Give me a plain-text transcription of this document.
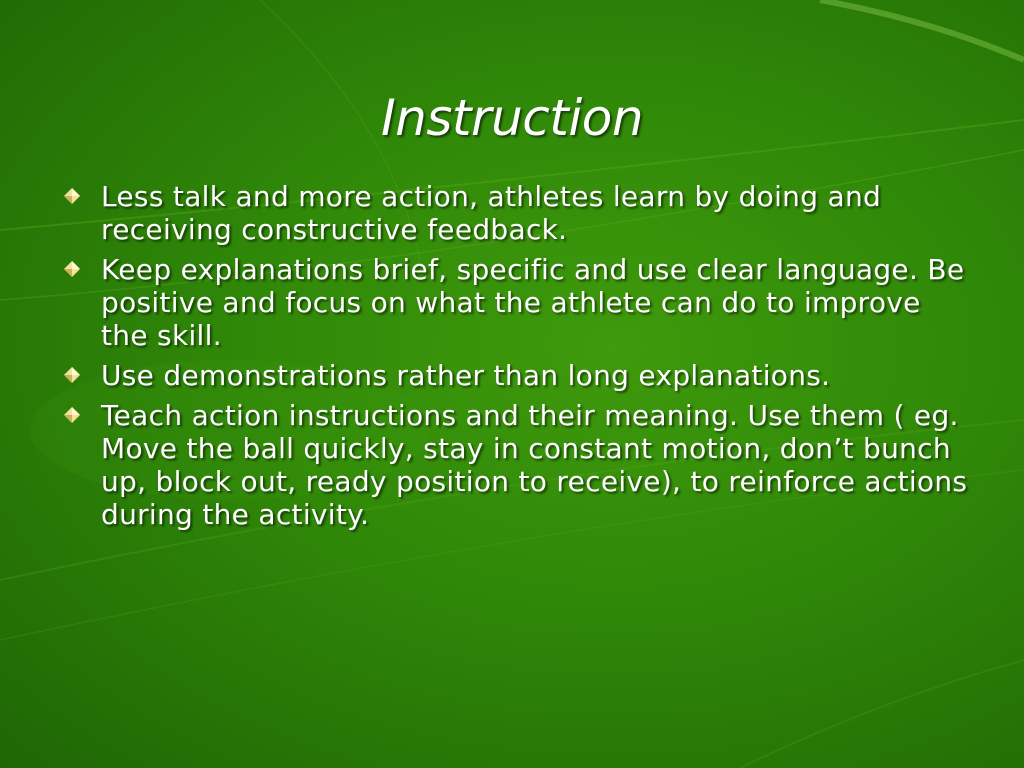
Instruction
Less talk and more action, athletes learn by doing and receiving constructive feedback.
Keep explanations brief, specific and use clear language. Be positive and focus on what the athlete can do to improve the skill.
Use demonstrations rather than long explanations.
Teach action instructions and their meaning. Use them ( eg. Move the ball quickly, stay in constant motion, don’t bunch up, block out, ready position to receive), to reinforce actions during the activity.
